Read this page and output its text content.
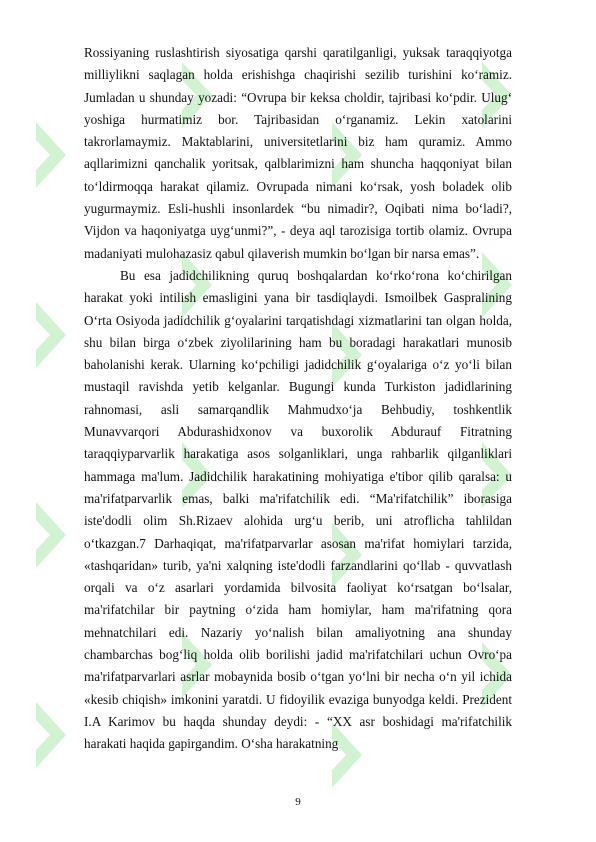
Rossiyaning ruslashtirish siyosatiga qarshi qaratilganligi, yuksak taraqqiyotga milliylikni saqlagan holda erishishga chaqirishi sezilib turishini ko‘ramiz. Jumladan u shunday yozadi: “Ovrupa bir keksa choldir, tajribasi ko‘pdir. Ulug‘ yoshiga hurmatimiz bor. Tajribasidan o‘rganamiz. Lekin xatolarini takrorlamaymiz. Maktablarini, universitetlarini biz ham quramiz. Ammo aqllarimizni qanchalik yoritsak, qalblarimizni ham shuncha haqqoniyat bilan to‘ldirmoqqa harakat qilamiz. Ovrupada nimani ko‘rsak, yosh boladek olib yugurmaymiz. Esli-hushli insonlardek “bu nimadir?, Oqibati nima bo‘ladi?, Vijdon va haqoniyatga uyg‘unmi?”, - deya aql tarozisiga tortib olamiz. Ovrupa madaniyati mulohazasiz qabul qilaverish mumkin bo‘lgan bir narsa emas”.

Bu esa jadidchilikning quruq boshqalardan ko‘rko‘rona ko‘chirilgan harakat yoki intilish emasligini yana bir tasdiqlaydi. Ismoilbek Gaspralining O‘rta Osiyoda jadidchilik g‘oyalarini tarqatishdagi xizmatlarini tan olgan holda, shu bilan birga o‘zbek ziyolilarining ham bu boradagi harakatlari munosib baholanishi kerak. Ularning ko‘pchiligi jadidchilik g‘oyalariga o‘z yo‘li bilan mustaqil ravishda yetib kelganlar. Bugungi kunda Turkiston jadidlarining rahnomasi, asli samarqandlik Mahmudxo‘ja Behbudiy, toshkentlik Munavvarqori Abdurashidxonov va buxorolik Abdurauf Fitratning taraqqiyparvarlik harakatiga asos solganliklari, unga rahbarlik qilganliklari hammaga ma'lum. Jadidchilik harakatining mohiyatiga e'tibor qilib qaralsa: u ma'rifatparvarlik emas, balki ma'rifatchilik edi. “Ma'rifatchilik” iborasiga iste'dodli olim Sh.Rizaev alohida urg‘u berib, uni atroflicha tahlildan o‘tkazgan.7 Darhaqiqat, ma'rifatparvarlar asosan ma'rifat homiylari tarzida, «tashqaridan» turib, ya'ni xalqning iste'dodli farzandlarini qo‘llab - quvvatlash orqali va o‘z asarlari yordamida bilvosita faoliyat ko‘rsatgan bo‘lsalar, ma'rifatchilar bir paytning o‘zida ham homiylar, ham ma'rifatning qora mehnatchilari edi. Nazariy yo‘nalish bilan amaliyotning ana shunday chambarchas bog‘liq holda olib borilishi jadid ma'rifatchilari uchun Ovro‘pa ma'rifatparvarlari asrlar mobaynida bosib o‘tgan yo‘lni bir necha o‘n yil ichida «kesib chiqish» imkonini yaratdi. U fidoyilik evaziga bunyodga keldi. Prezident I.A Karimov bu haqda shunday deydi: - “XX asr boshidagi ma'rifatchilik harakati haqida gapirgandim. O‘sha harakatning

9
